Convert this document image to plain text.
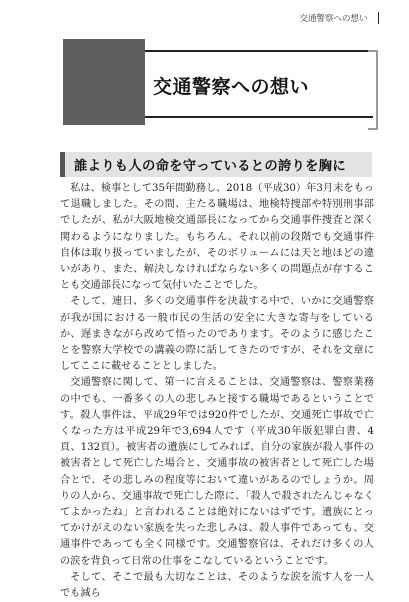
交通警察への想い
交通警察への想い
誰よりも人の命を守っているとの誇りを胸に

私は、検事として35年間勤務し、2018（平成30）年3月末をもって退職しました。その間、主たる職場は、地検特捜部や特別刑事部でしたが、私が大阪地検交通部長になってから交通事件捜査と深く関わるようになりました。もちろん、それ以前の段階でも交通事件自体は取り扱っていましたが、そのボリュームには天と地ほどの違いがあり、また、解決しなければならない多くの問題点が存することも交通部長になって気付いたことでした。

そして、連日、多くの交通事件を決裁する中で、いかに交通警察が我が国における一般市民の生活の安全に大きな寄与をしているか、遅まきながら改めて悟ったのであります。そのように感じたことを警察大学校での講義の際に話してきたのですが、それを文章にしてここに載せることとしました。

交通警察に関して、第一に言えることは、交通警察は、警察業務の中でも、一番多くの人の悲しみと接する職場であるということです。殺人事件は、平成29年では920件でしたが、交通死亡事故で亡くなった方は平成29年で3,694人です（平成30年版犯罪白書、4頁、132頁）。被害者の遺族にしてみれば、自分の家族が殺人事件の被害者として死亡した場合と、交通事故の被害者として死亡した場合とで、その悲しみの程度等において違いがあるのでしょうか。周りの人から、交通事故で死亡した際に、「殺人で殺されたんじゃなくてよかったね」と言われることは絶対にないはずです。遺族にとってかけがえのない家族を失った悲しみは、殺人事件であっても、交通事件であっても全く同様です。交通警察官は、それだけ多くの人の涙を背負って日常の仕事をこなしているということです。

そして、そこで最も大切なことは、そのような涙を流す人を一人でも減ら
